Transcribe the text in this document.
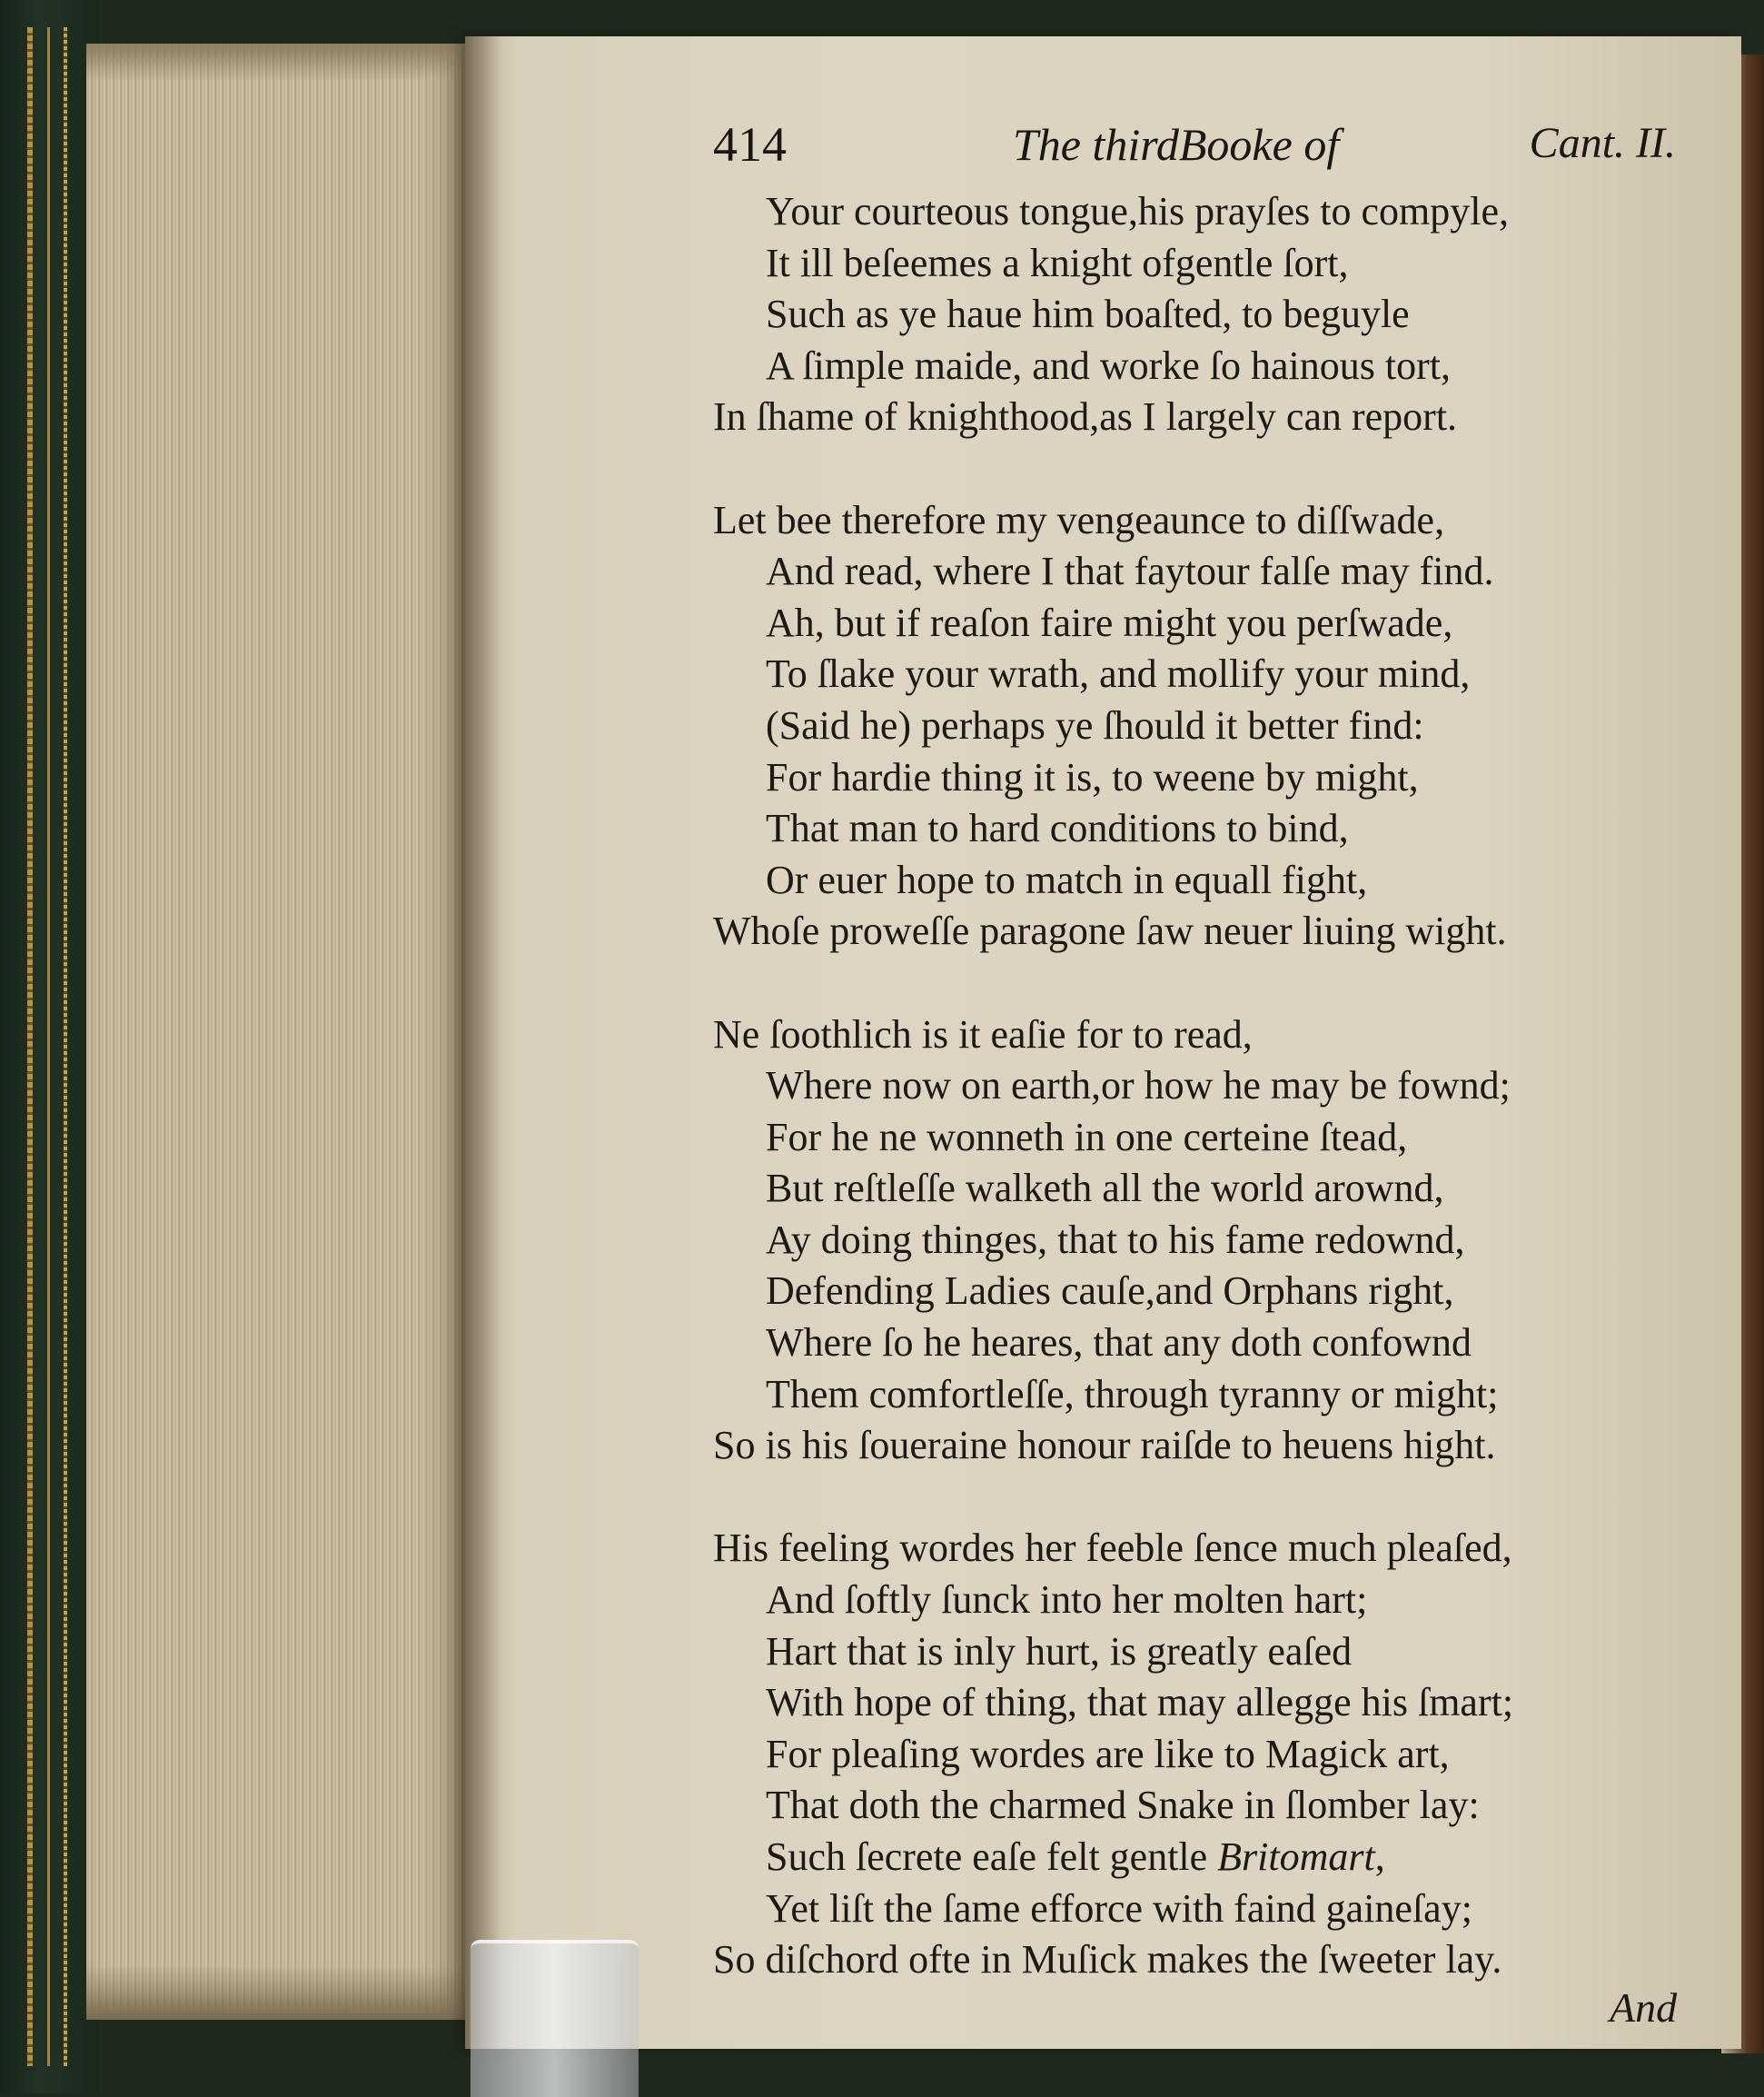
414	The thirdBooke of	Cant. II.
Your courteous tongue,his prayſes to compyle,
It ill beſeemes a knight ofgentle ſort,
Such as ye haue him boaſted, to beguyle
A ſimple maide, and worke ſo hainous tort,
In ſhame of knighthood,as I largely can report.
Let bee therefore my vengeaunce to diſſwade,
And read, where I that faytour falſe may find.
Ah, but if reaſon faire might you perſwade,
To ſlake your wrath, and mollify your mind,
(Said he) perhaps ye ſhould it better find:
For hardie thing it is, to weene by might,
That man to hard conditions to bind,
Or euer hope to match in equall fight,
Whoſe proweſſe paragone ſaw neuer liuing wight.
Ne ſoothlich is it eaſie for to read,
Where now on earth,or how he may be fownd;
For he ne wonneth in one certeine ſtead,
But reſtleſſe walketh all the world arownd,
Ay doing thinges, that to his fame redownd,
Defending Ladies cauſe,and Orphans right,
Where ſo he heares, that any doth confownd
Them comfortleſſe, through tyranny or might;
So is his ſoueraine honour raiſde to heuens hight.
His feeling wordes her feeble ſence much pleaſed,
And ſoftly ſunck into her molten hart;
Hart that is inly hurt, is greatly eaſed
With hope of thing, that may allegge his ſmart;
For pleaſing wordes are like to Magick art,
That doth the charmed Snake in ſlomber lay:
Such ſecrete eaſe felt gentle Britomart,
Yet liſt the ſame efforce with faind gaineſay;
So diſchord ofte in Muſick makes the ſweeter lay.
And
